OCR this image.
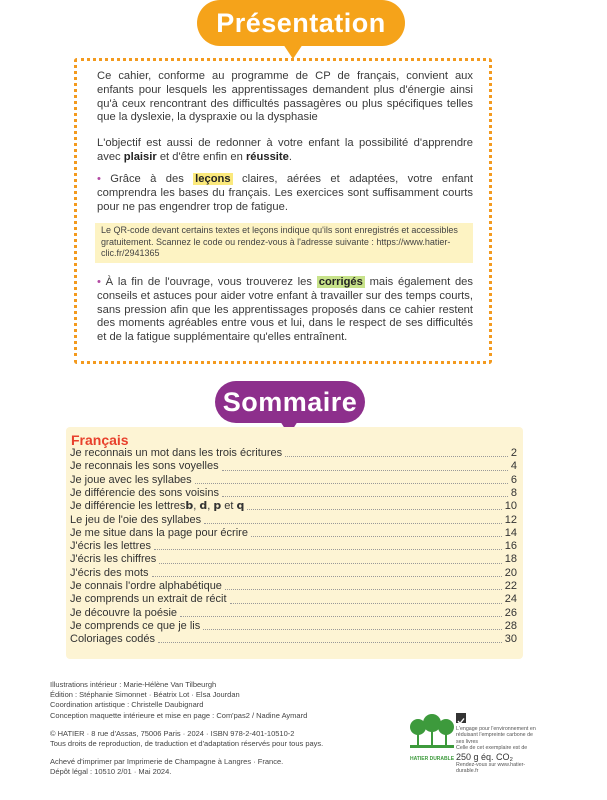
Présentation
Ce cahier, conforme au programme de CP de français, convient aux enfants pour lesquels les apprentissages demandent plus d'énergie ainsi qu'à ceux rencontrant des difficultés passagères ou plus spécifiques telles que la dyslexie, la dyspraxie ou la dysphasie
L'objectif est aussi de redonner à votre enfant la possibilité d'apprendre avec plaisir et d'être enfin en réussite.
• Grâce à des leçons claires, aérées et adaptées, votre enfant comprendra les bases du français. Les exercices sont suffisamment courts pour ne pas engendrer trop de fatigue.
Le QR-code devant certains textes et leçons indique qu'ils sont enregistrés et accessibles gratuitement. Scannez le code ou rendez-vous à l'adresse suivante : https://www.hatier-clic.fr/2941365
• À la fin de l'ouvrage, vous trouverez les corrigés mais également des conseils et astuces pour aider votre enfant à travailler sur des temps courts, sans pression afin que les apprentissages proposés dans ce cahier restent des moments agréables entre vous et lui, dans le respect de ses difficultés et de la fatigue supplémentaire qu'elles entraînent.
Sommaire
Français
Je reconnais un mot dans les trois écritures	2
Je reconnais les sons voyelles	4
Je joue avec les syllabes	6
Je différencie des sons voisins	8
Je différencie les lettres b, d, p et q	10
Le jeu de l'oie des syllabes	12
Je me situe dans la page pour écrire	14
J'écris les lettres	16
J'écris les chiffres	18
J'écris des mots	20
Je connais l'ordre alphabétique	22
Je comprends un extrait de récit	24
Je découvre la poésie	26
Je comprends ce que je lis	28
Coloriages codés	30
Illustrations intérieur : Marie-Hélène Van Tilbeurgh
Édition : Stéphanie Simonnet · Béatrix Lot · Elsa Jourdan
Coordination artistique : Christelle Daubignard
Conception maquette intérieure et mise en page : Com'pas2 / Nadine Aymard
© HATIER · 8 rue d'Assas, 75006 Paris · 2024 · ISBN 978-2-401-10510-2
Tous droits de reproduction, de traduction et d'adaptation réservés pour tous pays.
Achevé d'imprimer par Imprimerie de Champagne à Langres · France.
Dépôt légal : 10510 2/01 · Mai 2024.
HATIER DURABLE
L'engage pour l'environnement en réduisant l'empreinte carbone de ses livres
Celle de cet exemplaire est de
250 g éq. CO₂
Rendez-vous sur www.hatier-durable.fr
